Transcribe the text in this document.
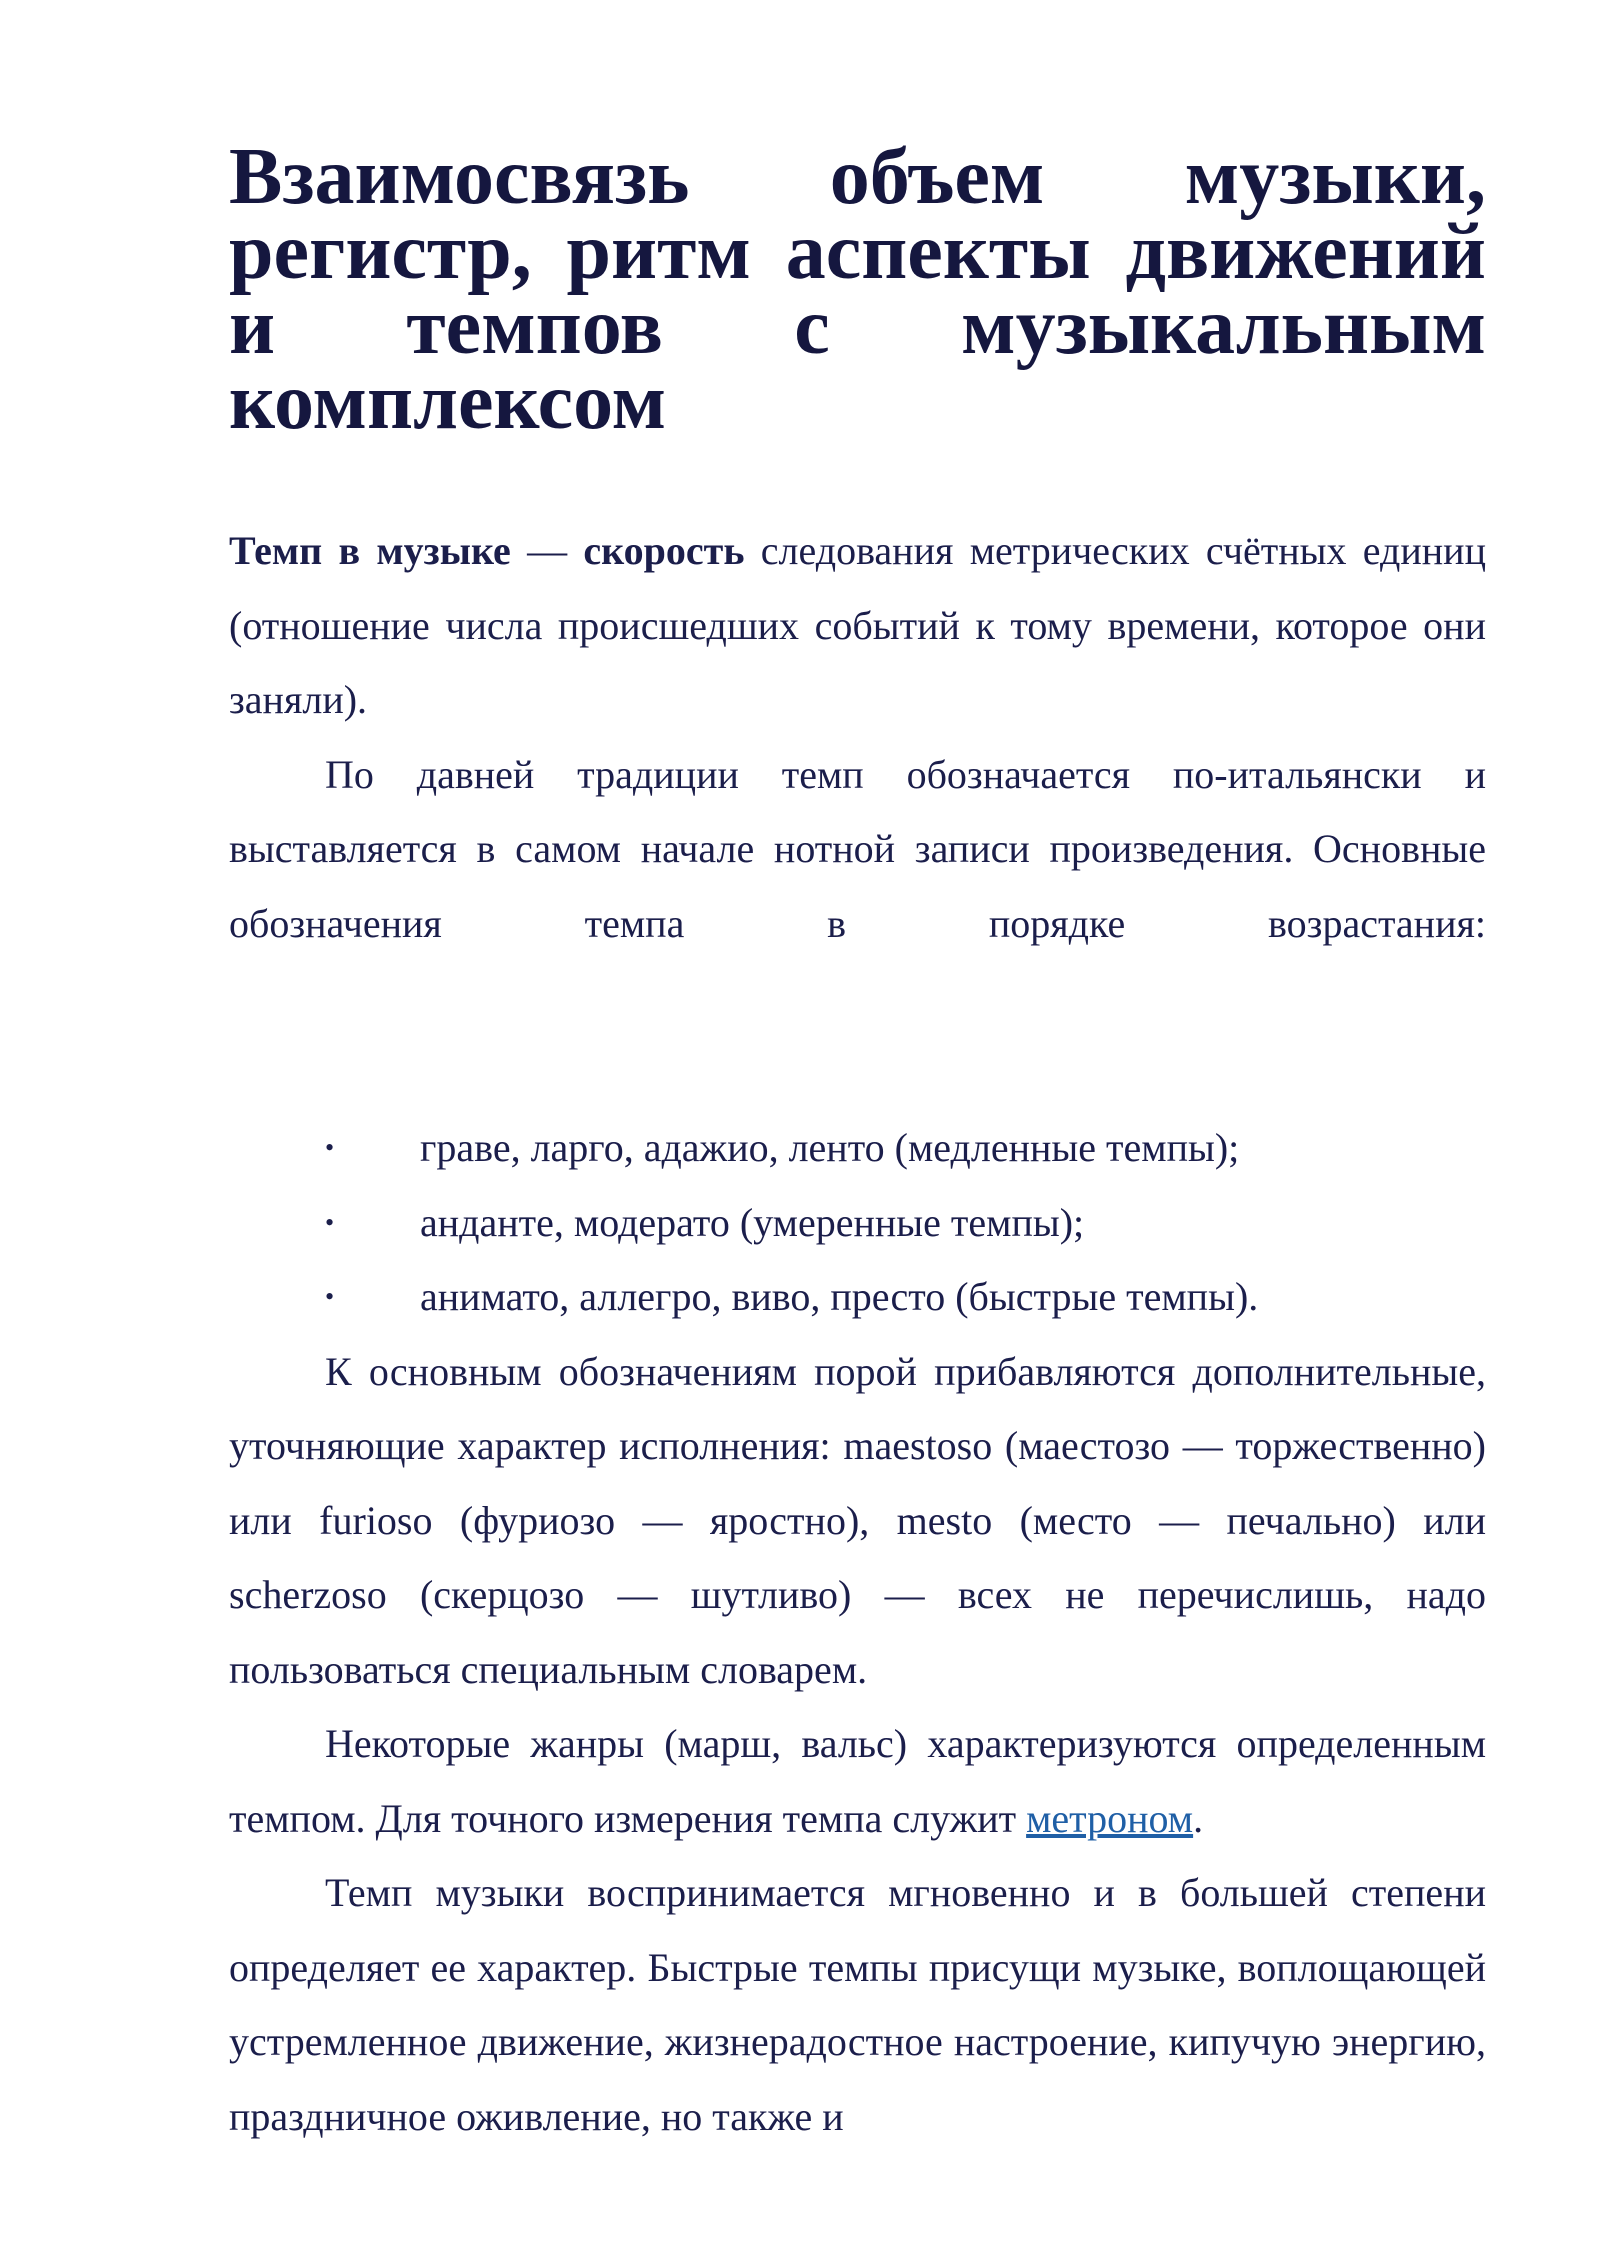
Взаимосвязь объем музыки, регистр, ритм аспекты движений и темпов с музыкальным комплексом

Темп в музыке — скорость следования метрических счётных единиц (отношение числа происшедших событий к тому времени, которое они заняли).

По давней традиции темп обозначается по-итальянски и выставляется в самом начале нотной записи произведения. Основные обозначения темпа в порядке возрастания:

• граве, ларго, адажио, ленто (медленные темпы);
• анданте, модерато (умеренные темпы);
• анимато, аллегро, виво, престо (быстрые темпы).

К основным обозначениям порой прибавляются дополнительные, уточняющие характер исполнения: maestoso (маестозо — торжественно) или furioso (фуриозо — яростно), mesto (место — печально) или scherzoso (скерцозо — шутливо) — всех не перечислишь, надо пользоваться специальным словарем.

Некоторые жанры (марш, вальс) характеризуются определенным темпом. Для точного измерения темпа служит метроном.

Темп музыки воспринимается мгновенно и в большей степени определяет ее характер. Быстрые темпы присущи музыке, воплощающей устремленное движение, жизнерадостное настроение, кипучую энергию, праздничное оживление, но также и
